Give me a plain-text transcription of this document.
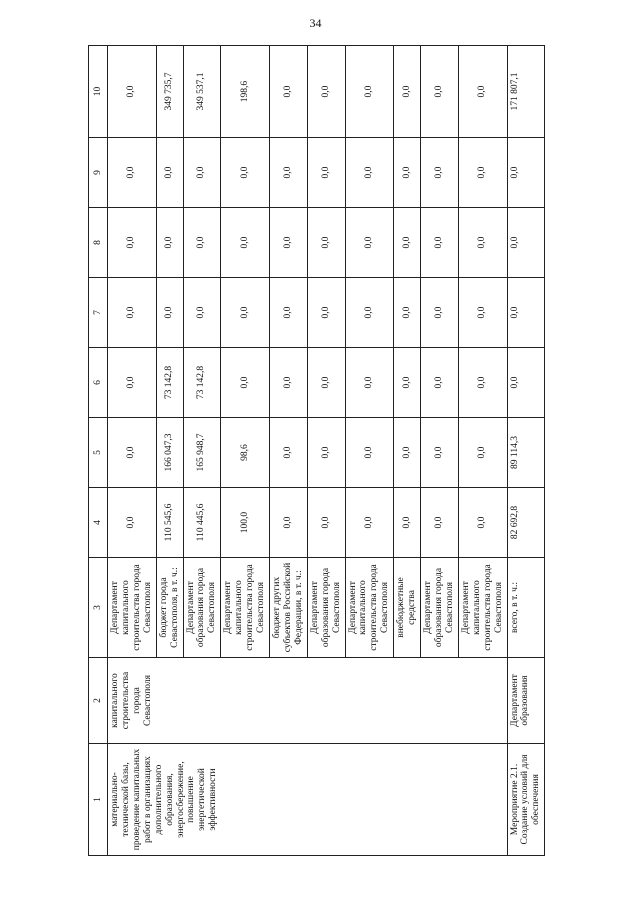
34
1	2	3	4	5	6	7	8	9	10
материально-технической базы, проведение капитальных работ в организациях дополнительного образования, энергосбережение, повышение энергетической эффективности	капитального строительства города Севастополя	Департамент капитального строительства города Севастополя	0,0	0,0	0,0	0,0	0,0	0,0	0,0
		бюджет города Севастополя, в т. ч.:	110 545,6	166 047,3	73 142,8	0,0	0,0	0,0	349 735,7
		Департамент образования города Севастополя	110 445,6	165 948,7	73 142,8	0,0	0,0	0,0	349 537,1
		Департамент капитального строительства города Севастополя	100,0	98,6	0,0	0,0	0,0	0,0	198,6
		бюджет других субъектов Российской Федерации, в т. ч.:	0,0	0,0	0,0	0,0	0,0	0,0	0,0
		Департамент образования города Севастополя	0,0	0,0	0,0	0,0	0,0	0,0	0,0
		Департамент капитального строительства города Севастополя	0,0	0,0	0,0	0,0	0,0	0,0	0,0
		внебюджетные средства	0,0	0,0	0,0	0,0	0,0	0,0	0,0
		Департамент образования города Севастополя	0,0	0,0	0,0	0,0	0,0	0,0	0,0
		Департамент капитального строительства города Севастополя	0,0	0,0	0,0	0,0	0,0	0,0	0,0
Мероприятие 2.1. Создание условий для обеспечения	Департамент образования	всего, в т. ч.:	82 692,8	89 114,3	0,0	0,0	0,0	0,0	171 807,1
